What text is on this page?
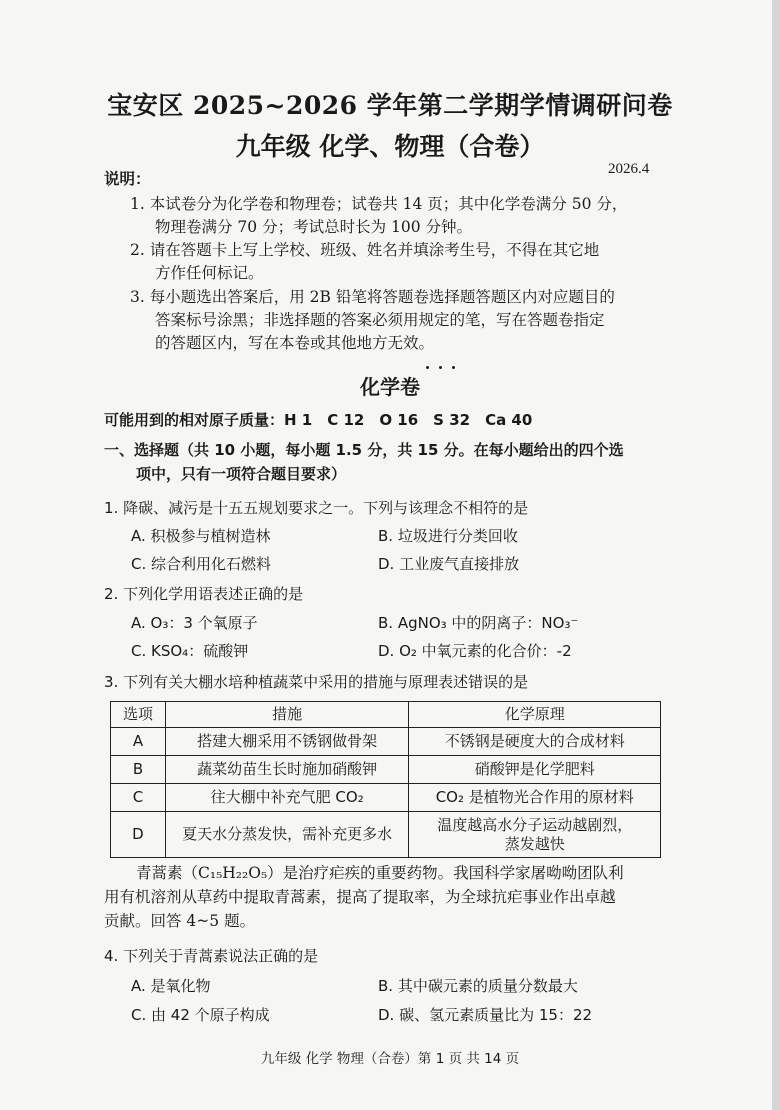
宝安区 2025~2026 学年第二学期学情调研问卷
九年级 化学、物理（合卷）
2026.4
说明：
1. 本试卷分为化学卷和物理卷；试卷共 14 页；其中化学卷满分 50 分，
物理卷满分 70 分；考试总时长为 100 分钟。
2. 请在答题卡上写上学校、班级、姓名并填涂考生号，不得在其它地
方作任何标记。
3. 每小题选出答案后，用 2B 铅笔将答题卷选择题答题区内对应题目的
答案标号涂黑；非选择题的答案必须用规定的笔，写在答题卷指定
的答题区内，写在本卷或其他地方无效。
化学卷
可能用到的相对原子质量：H 1　C 12　O 16　S 32　Ca 40
一、选择题（共 10 小题，每小题 1.5 分，共 15 分。在每小题给出的四个选
项中，只有一项符合题目要求）
1. 降碳、减污是十五五规划要求之一。下列与该理念不相符的是
A. 积极参与植树造林	B. 垃圾进行分类回收
C. 综合利用化石燃料	D. 工业废气直接排放
2. 下列化学用语表述正确的是
A. O₃：3 个氧原子	B. AgNO₃ 中的阴离子：NO₃⁻
C. KSO₄：硫酸钾	D. O₂ 中氧元素的化合价：-2
3. 下列有关大棚水培种植蔬菜中采用的措施与原理表述错误的是
选项	措施	化学原理
A	搭建大棚采用不锈钢做骨架	不锈钢是硬度大的合成材料
B	蔬菜幼苗生长时施加硝酸钾	硝酸钾是化学肥料
C	往大棚中补充气肥 CO₂	CO₂ 是植物光合作用的原材料
D	夏天水分蒸发快，需补充更多水	温度越高水分子运动越剧烈，
蒸发越快
青蒿素（C₁₅H₂₂O₅）是治疗疟疾的重要药物。我国科学家屠呦呦团队利
用有机溶剂从草药中提取青蒿素，提高了提取率，为全球抗疟事业作出卓越
贡献。回答 4~5 题。
4. 下列关于青蒿素说法正确的是
A. 是氧化物	B. 其中碳元素的质量分数最大
C. 由 42 个原子构成	D. 碳、氢元素质量比为 15：22
九年级 化学 物理（合卷）第 1 页 共 14 页
